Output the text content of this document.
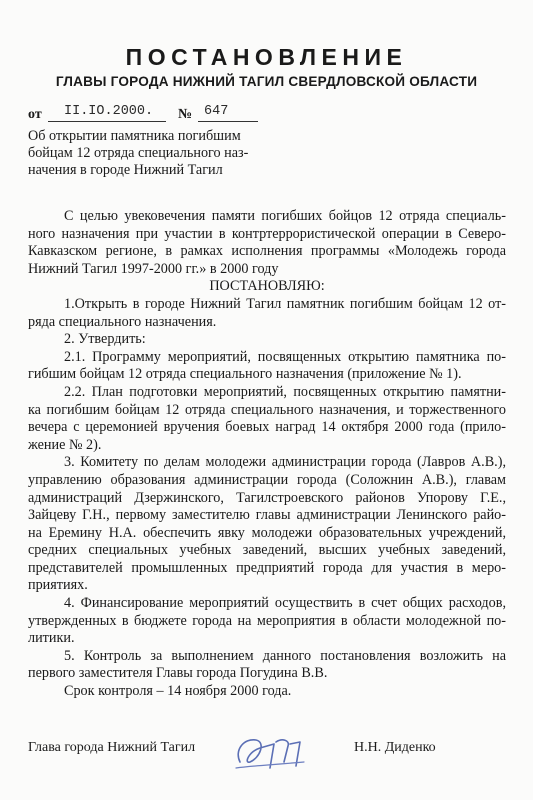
ПОСТАНОВЛЕНИЕ
ГЛАВЫ ГОРОДА НИЖНИЙ ТАГИЛ СВЕРДЛОВСКОЙ ОБЛАСТИ
от II.IO.2000. № 647
Об открытии памятника погибшим
бойцам 12 отряда специального наз-
начения в городе Нижний Тагил
С целью увековечения памяти погибших бойцов 12 отряда специаль-
ного назначения при участии в контртеррористической операции в Северо-
Кавказском регионе, в рамках исполнения программы «Молодежь города
Нижний Тагил 1997-2000 гг.» в 2000 году
ПОСТАНОВЛЯЮ:
1.Открыть в городе Нижний Тагил памятник погибшим бойцам 12 от-
ряда специального назначения.
2. Утвердить:
2.1. Программу мероприятий, посвященных открытию памятника по-
гибшим бойцам 12 отряда специального назначения (приложение № 1).
2.2. План подготовки мероприятий, посвященных открытию памятни-
ка погибшим бойцам 12 отряда специального назначения, и торжественного
вечера с церемонией вручения боевых наград 14 октября 2000 года (прило-
жение № 2).
3. Комитету по делам молодежи администрации города (Лавров А.В.),
управлению образования администрации города (Соложнин А.В.), главам
администраций Дзержинского, Тагилстроевского районов Упорову Г.Е.,
Зайцеву Г.Н., первому заместителю главы администрации Ленинского райо-
на Еремину Н.А. обеспечить явку молодежи образовательных учреждений,
средних специальных учебных заведений, высших учебных заведений,
представителей промышленных предприятий города для участия в меро-
приятиях.
4. Финансирование мероприятий осуществить в счет общих расходов,
утвержденных в бюджете города на мероприятия в области молодежной по-
литики.
5. Контроль за выполнением данного постановления возложить на
первого заместителя Главы города Погудина В.В.
Срок контроля – 14 ноября 2000 года.
Глава города Нижний Тагил	Н.Н. Диденко
